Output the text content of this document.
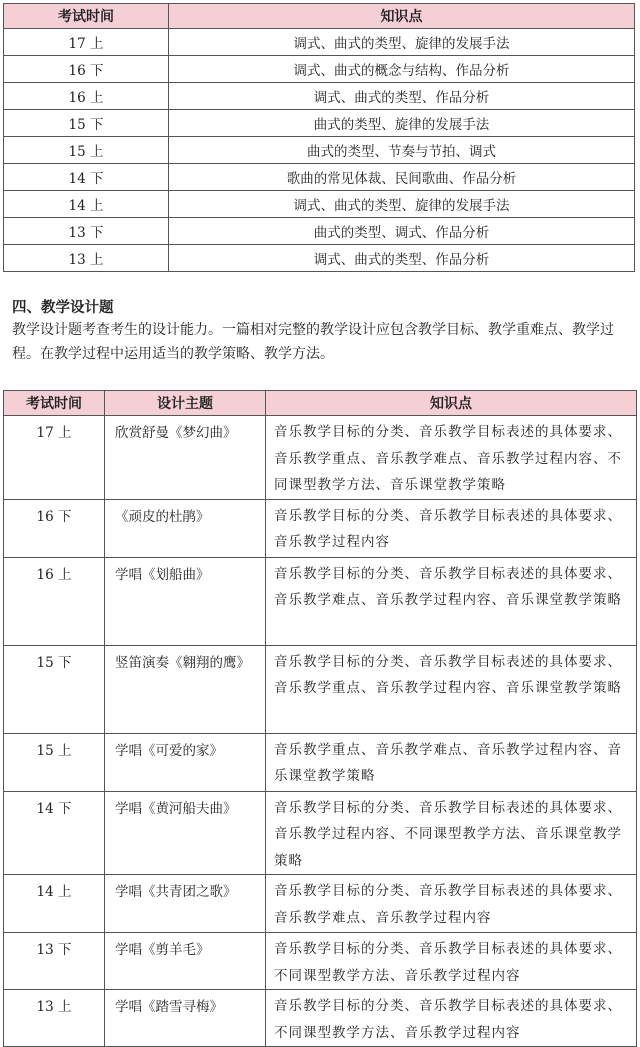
考试时间	知识点
17 上	调式、曲式的类型、旋律的发展手法
16 下	调式、曲式的概念与结构、作品分析
16 上	调式、曲式的类型、作品分析
15 下	曲式的类型、旋律的发展手法
15 上	曲式的类型、节奏与节拍、调式
14 下	歌曲的常见体裁、民间歌曲、作品分析
14 上	调式、曲式的类型、旋律的发展手法
13 下	曲式的类型、调式、作品分析
13 上	调式、曲式的类型、作品分析
四、教学设计题
教学设计题考查考生的设计能力。一篇相对完整的教学设计应包含教学目标、教学重难点、教学过程。在教学过程中运用适当的教学策略、教学方法。
考试时间	设计主题	知识点
17 上	欣赏舒曼《梦幻曲》	音乐教学目标的分类、音乐教学目标表述的具体要求、音乐教学重点、音乐教学难点、音乐教学过程内容、不同课型教学方法、音乐课堂教学策略
16 下	《顽皮的杜鹃》	音乐教学目标的分类、音乐教学目标表述的具体要求、音乐教学过程内容
16 上	学唱《划船曲》	音乐教学目标的分类、音乐教学目标表述的具体要求、音乐教学难点、音乐教学过程内容、音乐课堂教学策略
15 下	竖笛演奏《翱翔的鹰》	音乐教学目标的分类、音乐教学目标表述的具体要求、音乐教学重点、音乐教学过程内容、音乐课堂教学策略
15 上	学唱《可爱的家》	音乐教学重点、音乐教学难点、音乐教学过程内容、音乐课堂教学策略
14 下	学唱《黄河船夫曲》	音乐教学目标的分类、音乐教学目标表述的具体要求、音乐教学过程内容、不同课型教学方法、音乐课堂教学策略
14 上	学唱《共青团之歌》	音乐教学目标的分类、音乐教学目标表述的具体要求、音乐教学难点、音乐教学过程内容
13 下	学唱《剪羊毛》	音乐教学目标的分类、音乐教学目标表述的具体要求、不同课型教学方法、音乐教学过程内容
13 上	学唱《踏雪寻梅》	音乐教学目标的分类、音乐教学目标表述的具体要求、不同课型教学方法、音乐教学过程内容
